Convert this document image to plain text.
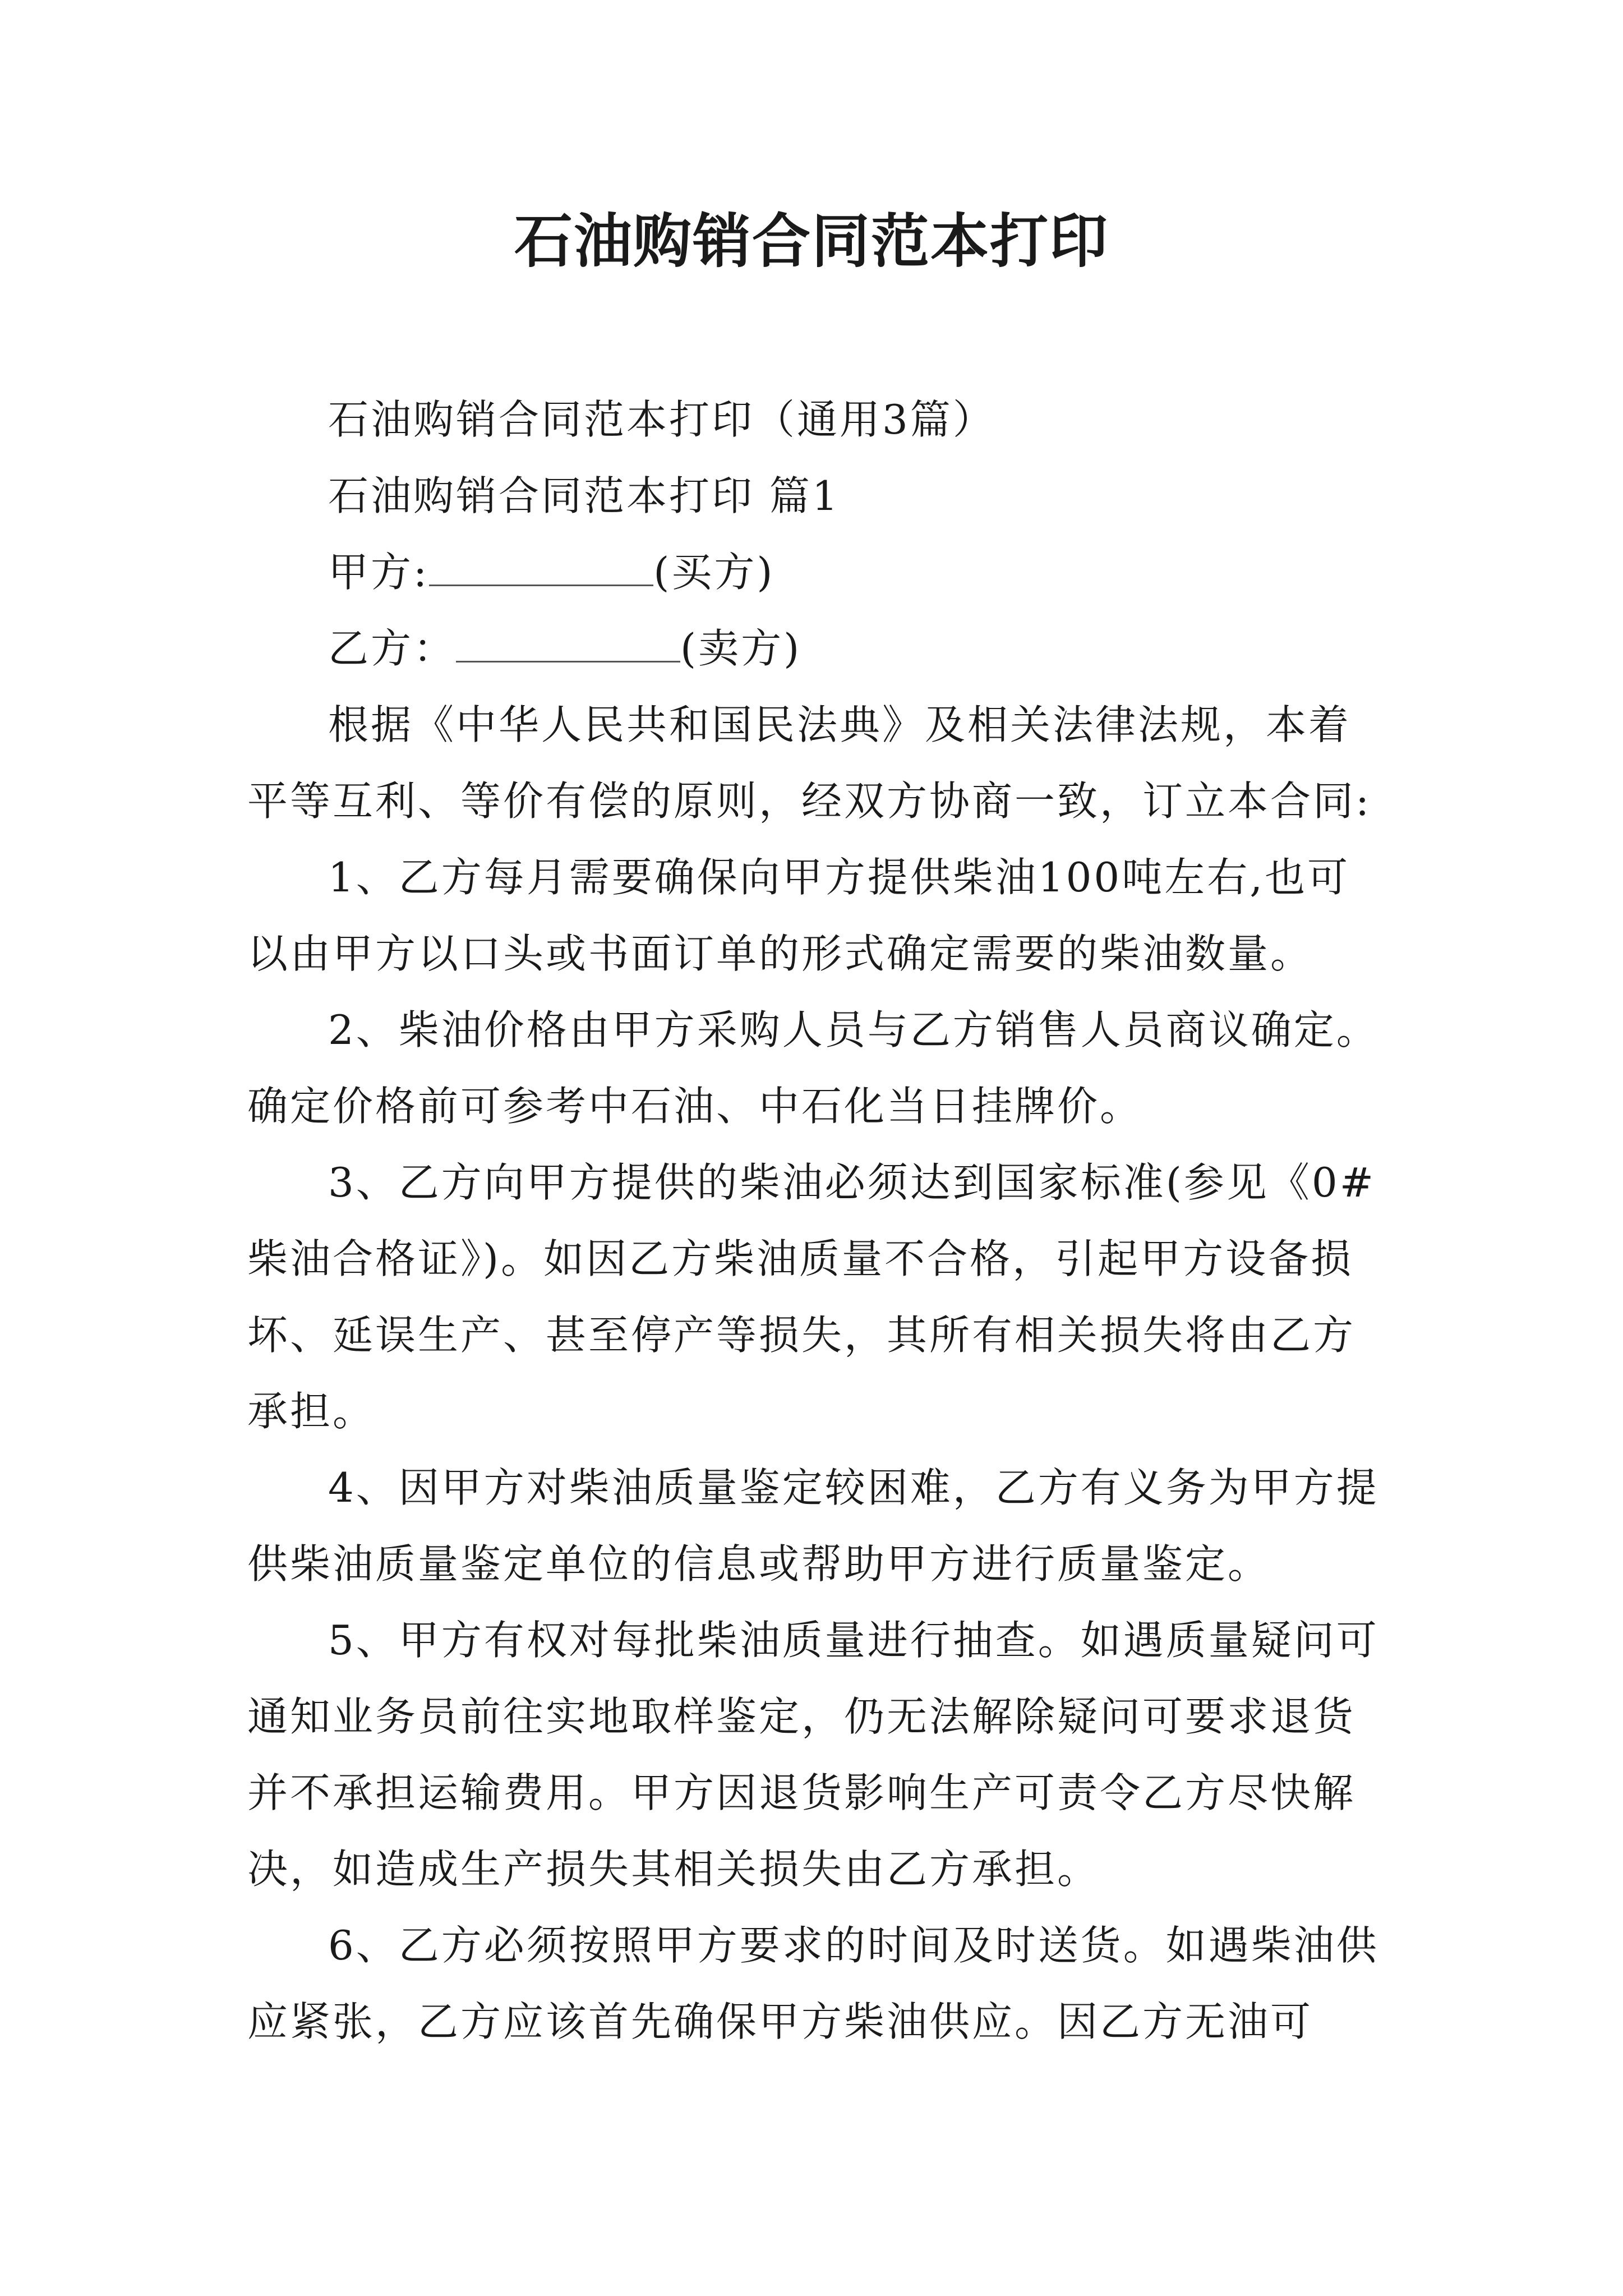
石油购销合同范本打印

石油购销合同范本打印（通用3篇）

石油购销合同范本打印 篇1

甲方:	(买方)

乙方：	(卖方)

根据《中华人民共和国民法典》及相关法律法规，本着平等互利、等价有偿的原则，经双方协商一致，订立本合同:

1、乙方每月需要确保向甲方提供柴油100吨左右,也可以由甲方以口头或书面订单的形式确定需要的柴油数量。

2、柴油价格由甲方采购人员与乙方销售人员商议确定。确定价格前可参考中石油、中石化当日挂牌价。

3、乙方向甲方提供的柴油必须达到国家标准(参见《0#柴油合格证》)。如因乙方柴油质量不合格，引起甲方设备损坏、延误生产、甚至停产等损失，其所有相关损失将由乙方承担。

4、因甲方对柴油质量鉴定较困难，乙方有义务为甲方提供柴油质量鉴定单位的信息或帮助甲方进行质量鉴定。

5、甲方有权对每批柴油质量进行抽查。如遇质量疑问可通知业务员前往实地取样鉴定，仍无法解除疑问可要求退货并不承担运输费用。甲方因退货影响生产可责令乙方尽快解决，如造成生产损失其相关损失由乙方承担。

6、乙方必须按照甲方要求的时间及时送货。如遇柴油供应紧张，乙方应该首先确保甲方柴油供应。因乙方无油可
